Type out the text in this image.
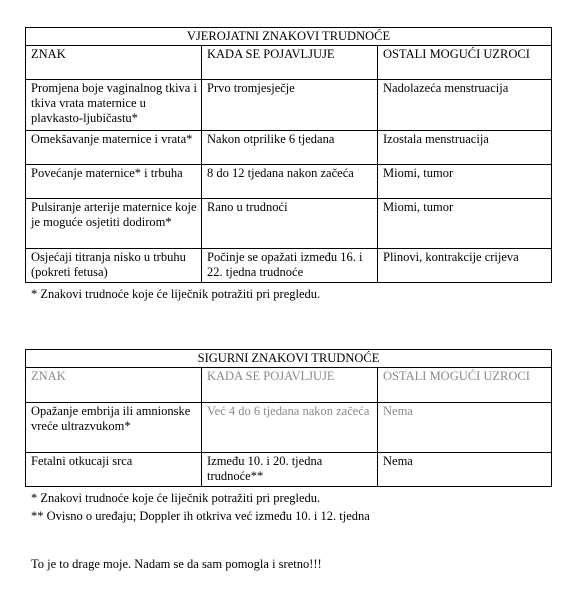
VJEROJATNI ZNAKOVI TRUDNOĆE		
ZNAK	KADA SE POJAVLJUJE	OSTALI MOGUĆI UZROCI
Promjena boje vaginalnog tkiva i tkiva vrata maternice u plavkasto-ljubičastu*	Prvo tromjesječje	Nadolazeća menstruacija
Omekšavanje maternice i vrata*	Nakon otprilike 6 tjedana	Izostala menstruacija
Povećanje maternice* i trbuha	8 do 12 tjedana nakon začeća	Miomi, tumor
Pulsiranje arterije maternice koje je moguće osjetiti dodirom*	Rano u trudnoći	Miomi, tumor
Osjećaji titranja nisko u trbuhu (pokreti fetusa)	Počinje se opažati između 16. i 22. tjedna trudnoće	Plinovi, kontrakcije crijeva
* Znakovi trudnoće koje će liječnik potražiti pri pregledu.
SIGURNI ZNAKOVI TRUDNOĆE		
ZNAK	KADA SE POJAVLJUJE	OSTALI MOGUĆI UZROCI
Opažanje embrija ili amnionske vreće ultrazvukom*	Već 4 do 6 tjedana nakon začeća	Nema
Fetalni otkucaji srca	Između 10. i 20. tjedna trudnoće**	Nema
* Znakovi trudnoće koje će liječnik potražiti pri pregledu.
** Ovisno o uređaju; Doppler ih otkriva već između 10. i 12. tjedna
To je to drage moje. Nadam se da sam pomogla i sretno!!!
